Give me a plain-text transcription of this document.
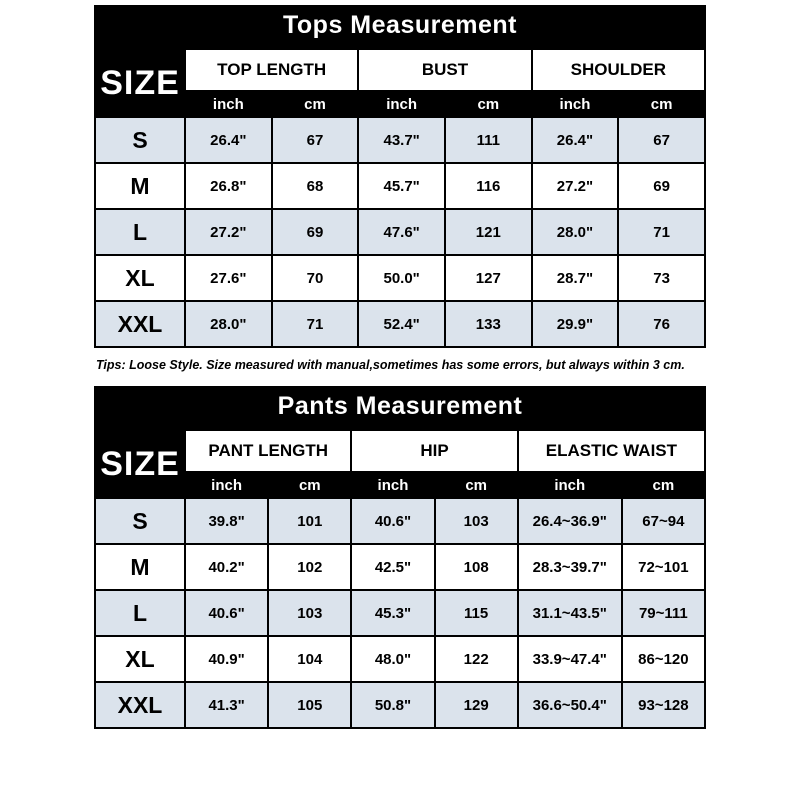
Tops Measurement
SIZE	TOP LENGTH		BUST		SHOULDER	
	inch	cm	inch	cm	inch	cm
S	26.4"	67	43.7"	111	26.4"	67
M	26.8"	68	45.7"	116	27.2"	69
L	27.2"	69	47.6"	121	28.0"	71
XL	27.6"	70	50.0"	127	28.7"	73
XXL	28.0"	71	52.4"	133	29.9"	76

Tips: Loose Style. Size measured with manual,sometimes has some errors, but always within 3 cm.

Pants Measurement
SIZE	PANT LENGTH		HIP		ELASTIC WAIST	
	inch	cm	inch	cm	inch	cm
S	39.8"	101	40.6"	103	26.4~36.9"	67~94
M	40.2"	102	42.5"	108	28.3~39.7"	72~101
L	40.6"	103	45.3"	115	31.1~43.5"	79~111
XL	40.9"	104	48.0"	122	33.9~47.4"	86~120
XXL	41.3"	105	50.8"	129	36.6~50.4"	93~128
